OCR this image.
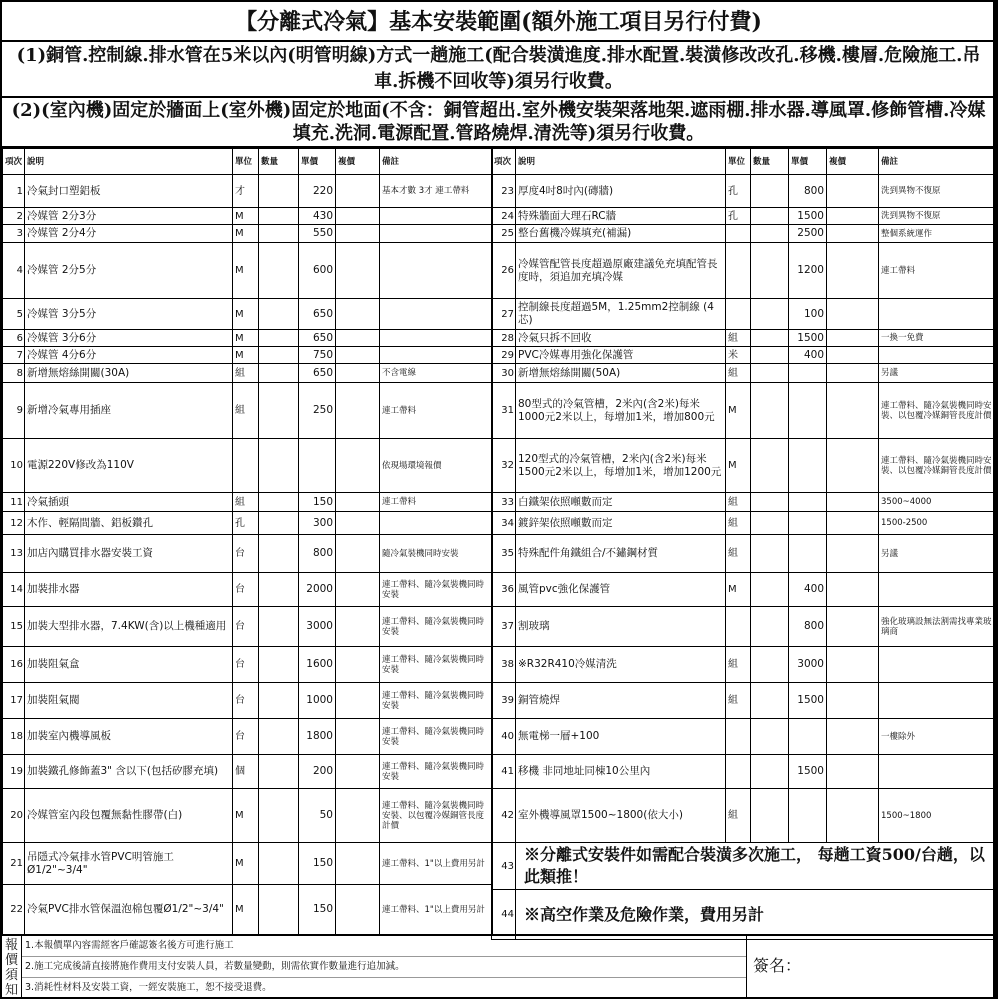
【分離式冷氣】基本安裝範圍(額外施工項目另行付費)
(1)銅管.控制線.排水管在5米以內(明管明線)方式一趟施工(配合裝潢進度.排水配置.裝潢修改改孔.移機.樓層.危險施工.吊車.拆機不回收等)須另行收費。
(2)(室內機)固定於牆面上(室外機)固定於地面(不含：銅管超出.室外機安裝架落地架.遮雨棚.排水器.導風罩.修飾管槽.冷媒填充.洗洞.電源配置.管路燒焊.清洗等)須另行收費。
項次	說明	單位	數量	單價	複價	備註
1	冷氣封口塑鋁板	才		220		基本才數 3才 連工帶料
2	冷媒管 2分3分	M		430		
3	冷媒管 2分4分	M		550		
4	冷媒管 2分5分	M		600		
5	冷媒管 3分5分	M		650		
6	冷媒管 3分6分	M		650		
7	冷媒管 4分6分	M		750		
8	新增無熔絲開關(30A)	組		650		不含電線
9	新增冷氣專用插座	組		250		連工帶料
10	電源220V修改為110V					依現場環境報價
11	冷氣插頭	組		150		連工帶料
12	木作、輕隔間牆、鋁板鑽孔	孔		300		
13	加店內購買排水器安裝工資	台		800		隨冷氣裝機同時安裝
14	加裝排水器	台		2000		連工帶料、隨冷氣裝機同時安裝
15	加裝大型排水器，7.4KW(含)以上機種適用	台		3000		連工帶料、隨冷氣裝機同時安裝
16	加裝阻氣盒	台		1600		連工帶料、隨冷氣裝機同時安裝
17	加裝阻氣閥	台		1000		連工帶料、隨冷氣裝機同時安裝
18	加裝室內機導風板	台		1800		連工帶料、隨冷氣裝機同時安裝
19	加裝鐵孔修飾蓋3" 含以下(包括矽膠充填)	個		200		連工帶料、隨冷氣裝機同時安裝
20	冷媒管室內段包覆無黏性膠帶(白)	M		50		連工帶料、隨冷氣裝機同時安裝、以包覆冷媒銅管長度計價
21	吊隱式冷氣排水管PVC明管施工Ø1/2"~3/4"	M		150		連工帶料、1"以上費用另計
22	冷氣PVC排水管保溫泡棉包覆Ø1/2"~3/4"	M		150		連工帶料、1"以上費用另計
項次	說明	單位	數量	單價	複價	備註
23	厚度4吋8吋內(磚牆)	孔		800		洗到異物不復原
24	特殊牆面大理石RC牆	孔		1500		洗到異物不復原
25	整台舊機冷媒填充(補漏)			2500		整個系統運作
26	冷媒管配管長度超過原廠建議免充填配管長度時，須追加充填冷媒			1200		連工帶料
27	控制線長度超過5M，1.25mm2控制線 (4芯)			100		
28	冷氣只拆不回收	組		1500		一換一免費
29	PVC冷媒專用強化保護管	米		400		
30	新增無熔絲開關(50A)	組				另議
31	80型式的冷氣管槽，2米內(含2米)每米1000元2米以上，每增加1米，增加800元	M				連工帶料、隨冷氣裝機同時安裝、以包覆冷媒銅管長度計價
32	120型式的冷氣管槽，2米內(含2米)每米1500元2米以上，每增加1米，增加1200元	M				連工帶料、隨冷氣裝機同時安裝、以包覆冷媒銅管長度計價
33	白鐵架依照噸數而定	組				3500~4000
34	鍍鋅架依照噸數而定	組				1500-2500
35	特殊配件角鐵組合/不鏽鋼材質	組				另議
36	風管pvc強化保護管	M		400		
37	割玻璃			800		強化玻璃設無法割需找專業玻璃商
38	※R32R410冷媒清洗	組		3000		
39	銅管燒焊	組		1500		
40	無電梯一層+100					一樓除外
41	移機 非同地址同棟10公里內			1500		
42	室外機導風罩1500~1800(依大小)	組				1500~1800
43	※分離式安裝件如需配合裝潢多次施工， 每趟工資500/台趟，以此類推！					
44	※高空作業及危險作業，費用另計					
報價須知
1.本報價單內容需經客戶確認簽名後方可進行施工
2.施工完成後請直接將施作費用支付安裝人員，若數量變動，則需依實作數量進行追加減。
3.消耗性材料及安裝工資，一經安裝施工，恕不接受退費。
簽名：
